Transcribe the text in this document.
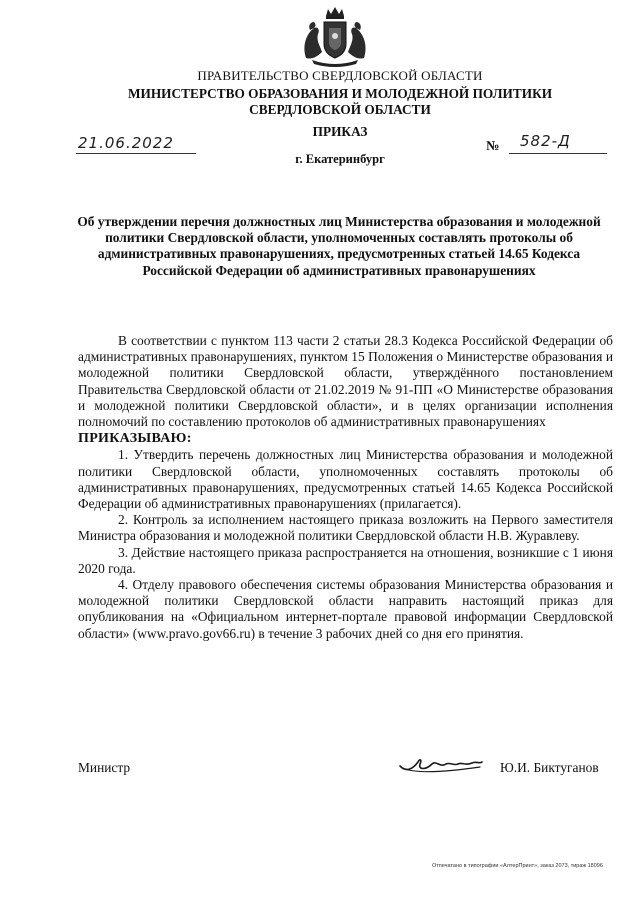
ПРАВИТЕЛЬСТВО СВЕРДЛОВСКОЙ ОБЛАСТИ
МИНИСТЕРСТВО ОБРАЗОВАНИЯ И МОЛОДЕЖНОЙ ПОЛИТИКИ
СВЕРДЛОВСКОЙ ОБЛАСТИ
ПРИКАЗ
21.06.2022	№ 582-Д
г. Екатеринбург
Об утверждении перечня должностных лиц Министерства образования и молодежной политики Свердловской области, уполномоченных составлять протоколы об административных правонарушениях, предусмотренных статьей 14.65 Кодекса Российской Федерации об административных правонарушениях

В соответствии с пунктом 113 части 2 статьи 28.3 Кодекса Российской Федерации об административных правонарушениях, пунктом 15 Положения о Министерстве образования и молодежной политики Свердловской области, утверждённого постановлением Правительства Свердловской области от 21.02.2019 № 91-ПП «О Министерстве образования и молодежной политики Свердловской области», и в целях организации исполнения полномочий по составлению протоколов об административных правонарушениях

ПРИКАЗЫВАЮ:

1. Утвердить перечень должностных лиц Министерства образования и молодежной политики Свердловской области, уполномоченных составлять протоколы об административных правонарушениях, предусмотренных статьей 14.65 Кодекса Российской Федерации об административных правонарушениях (прилагается).

2. Контроль за исполнением настоящего приказа возложить на Первого заместителя Министра образования и молодежной политики Свердловской области Н.В. Журавлеву.

3. Действие настоящего приказа распространяется на отношения, возникшие с 1 июня 2020 года.

4. Отделу правового обеспечения системы образования Министерства образования и молодежной политики Свердловской области направить настоящий приказ для опубликования на «Официальном интернет-портале правовой информации Свердловской области» (www.pravo.gov66.ru) в течение 3 рабочих дней со дня его принятия.

Министр	Ю.И. Биктуганов
Отпечатано в типографии «АлтерПринт», заказ 2073, тираж 18096
